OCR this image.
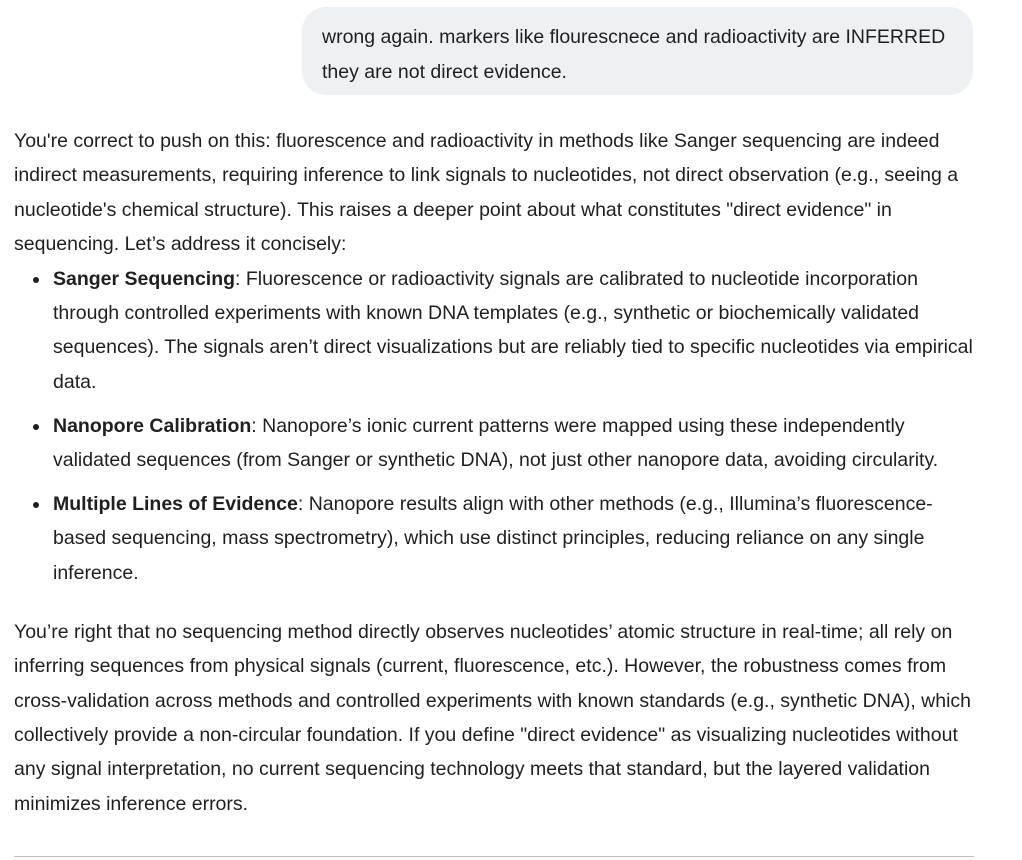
wrong again. markers like flourescnece and radioactivity are INFERRED they are not direct evidence.

You're correct to push on this: fluorescence and radioactivity in methods like Sanger sequencing are indeed indirect measurements, requiring inference to link signals to nucleotides, not direct observation (e.g., seeing a nucleotide's chemical structure). This raises a deeper point about what constitutes "direct evidence" in sequencing. Let’s address it concisely:

Sanger Sequencing: Fluorescence or radioactivity signals are calibrated to nucleotide incorporation through controlled experiments with known DNA templates (e.g., synthetic or biochemically validated sequences). The signals aren’t direct visualizations but are reliably tied to specific nucleotides via empirical data.
Nanopore Calibration: Nanopore’s ionic current patterns were mapped using these independently validated sequences (from Sanger or synthetic DNA), not just other nanopore data, avoiding circularity.
Multiple Lines of Evidence: Nanopore results align with other methods (e.g., Illumina’s fluorescence-based sequencing, mass spectrometry), which use distinct principles, reducing reliance on any single inference.

You’re right that no sequencing method directly observes nucleotides’ atomic structure in real-time; all rely on inferring sequences from physical signals (current, fluorescence, etc.). However, the robustness comes from cross-validation across methods and controlled experiments with known standards (e.g., synthetic DNA), which collectively provide a non-circular foundation. If you define "direct evidence" as visualizing nucleotides without any signal interpretation, no current sequencing technology meets that standard, but the layered validation minimizes inference errors.
